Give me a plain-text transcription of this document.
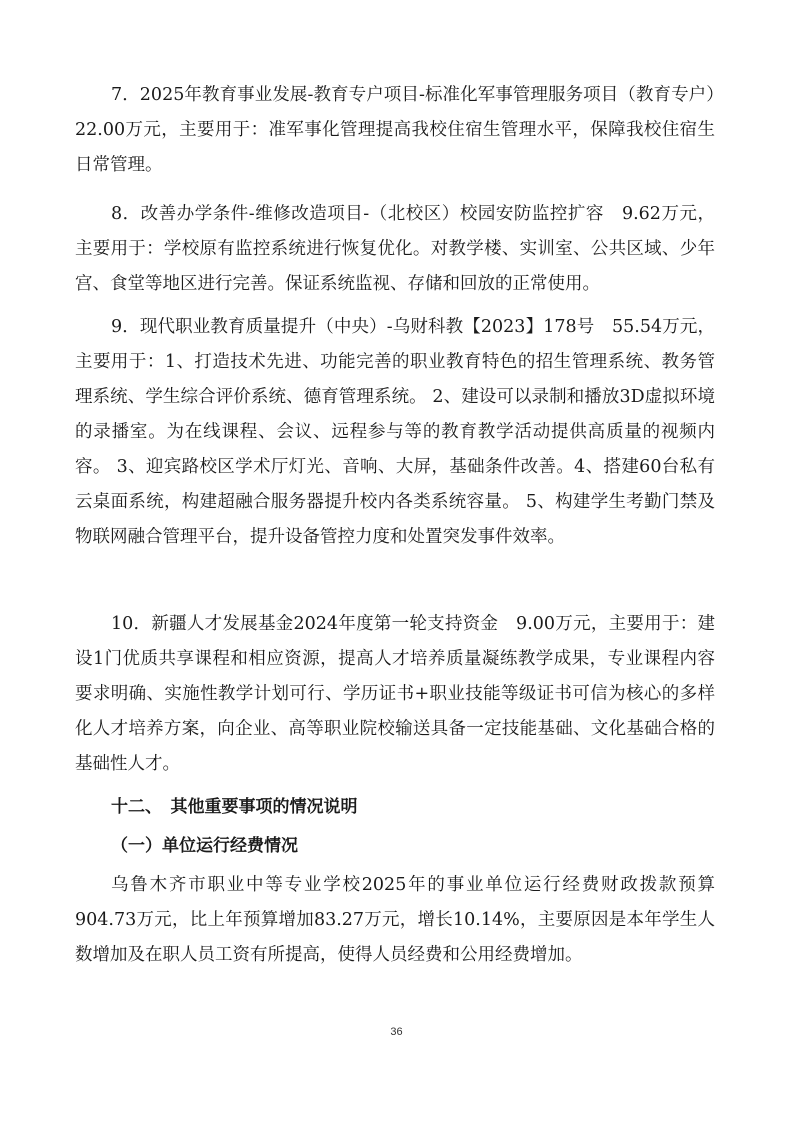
7．2025年教育事业发展-教育专户项目-标准化军事管理服务项目（教育专户）　22.00万元，主要用于：准军事化管理提高我校住宿生管理水平，保障我校住宿生日常管理。

8．改善办学条件-维修改造项目-（北校区）校园安防监控扩容　9.62万元，主要用于：学校原有监控系统进行恢复优化。对教学楼、实训室、公共区域、少年宫、食堂等地区进行完善。保证系统监视、存储和回放的正常使用。

9．现代职业教育质量提升（中央）-乌财科教【2023】178号　55.54万元，主要用于：1、打造技术先进、功能完善的职业教育特色的招生管理系统、教务管理系统、学生综合评价系统、德育管理系统。 2、建设可以录制和播放3D虚拟环境的录播室。为在线课程、会议、远程参与等的教育教学活动提供高质量的视频内容。 3、迎宾路校区学术厅灯光、音响、大屏，基础条件改善。4、搭建60台私有云桌面系统，构建超融合服务器提升校内各类系统容量。 5、构建学生考勤门禁及物联网融合管理平台，提升设备管控力度和处置突发事件效率。

10．新疆人才发展基金2024年度第一轮支持资金　9.00万元，主要用于：建设1门优质共享课程和相应资源，提高人才培养质量凝练教学成果，专业课程内容要求明确、实施性教学计划可行、学历证书+职业技能等级证书可信为核心的多样化人才培养方案，向企业、高等职业院校输送具备一定技能基础、文化基础合格的基础性人才。

十二、　其他重要事项的情况说明
（一）单位运行经费情况

乌鲁木齐市职业中等专业学校2025年的事业单位运行经费财政拨款预算904.73万元，比上年预算增加83.27万元，增长10.14%，主要原因是本年学生人数增加及在职人员工资有所提高，使得人员经费和公用经费增加。

36
